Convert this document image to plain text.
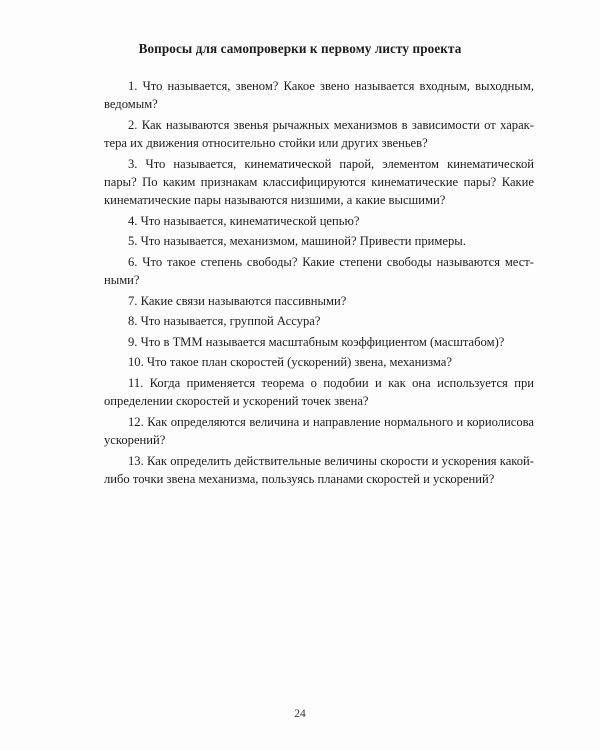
Вопросы для самопроверки к первому листу проекта
1. Что называется, звеном? Какое звено называется входным, выходным, ведомым?
2. Как называются звенья рычажных механизмов в зависимости от характера их движения относительно стойки или других звеньев?
3. Что называется, кинематической парой, элементом кинематической пары? По каким признакам классифицируются кинематические пары? Какие кинематические пары называются низшими, а какие высшими?
4. Что называется, кинематической цепью?
5. Что называется, механизмом, машиной? Привести примеры.
6. Что такое степень свободы? Какие степени свободы называются местными?
7. Какие связи называются пассивными?
8. Что называется, группой Ассура?
9. Что в ТММ называется масштабным коэффициентом (масштабом)?
10. Что такое план скоростей (ускорений) звена, механизма?
11. Когда применяется теорема о подобии и как она используется при определении скоростей и ускорений точек звена?
12. Как определяются величина и направление нормального и кориолисова ускорений?
13. Как определить действительные величины скорости и ускорения какой-либо точки звена механизма, пользуясь планами скоростей и ускорений?
24
